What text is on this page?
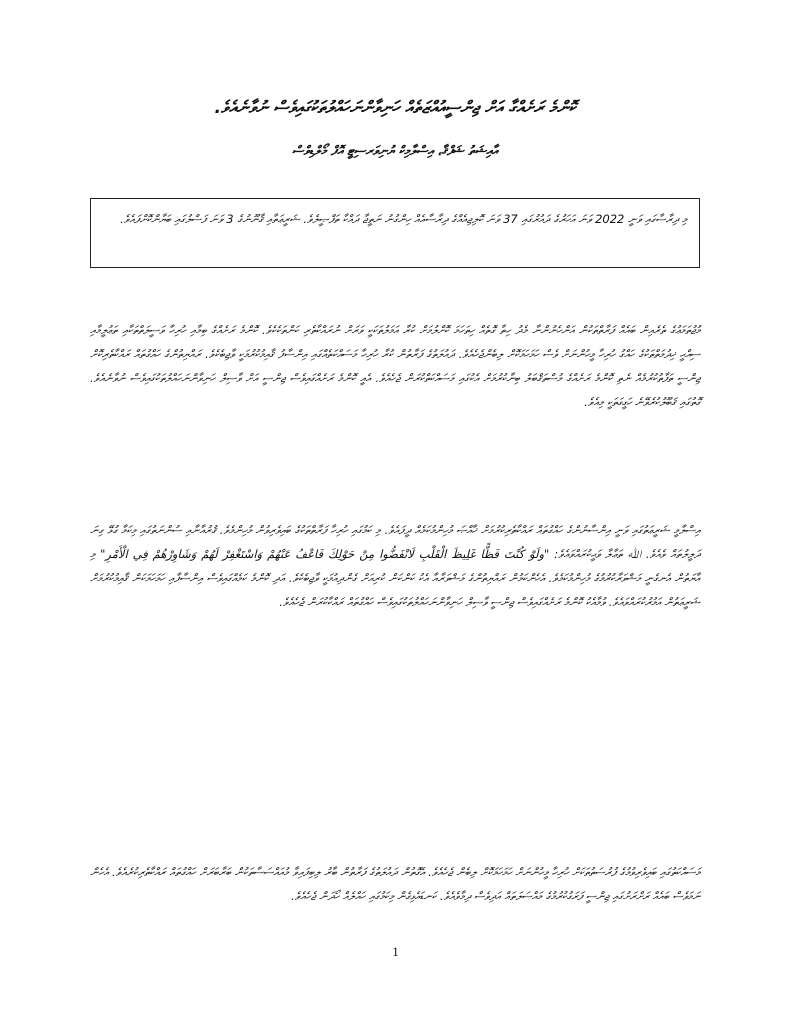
ކޮންމެ ރަށެއްގާ އަށް ޖިންސީއުއްޒަތެއް ހަނިވާންނަހައްލުތަކުގައިވެސް ނުވާނެއެވެ.
އާއިޝަތު ޝަފްޤާ، އިސްލާމިކް ޔުނިވަރސިޓީ އޮފް މޯލްޑިވްސް
މި ދިރާސާގައި ވަނީ 2022 ވަނަ އަހަރުގެ ދައުރުގައި 37 ވަނަ ކޮލިޖިއެއްގެ ދިރާސާއެއް ހިންގުނު ނަތީޖާ ދައްކާ ތަފްޞީލެވެ. ޝަރީޢަތާއި ޤާނޫނުގެ 3 ވަނަ ފަސްލުގައި ބަޔާންކޮށްފައެވެ.
މުޖުތަމަޢުގެ ތެރެއިން ބައެއް ފަރާތްތަކުން އަންހެނުންނާ މެދު ހިތާ ގޮތެއް ހިތަހަމަ ކޮށްލުމަށް ކުރާ އަމަލުތަކަކީ ވަރަށް ނުރައްކާތެރި ކަންތަކެކެވެ. ކޮންމެ ރަށެއްގެ ބިމާއި ހުރިހާ ވަސީލަތްތަކާއި ތަޢުލީމާއި ސިއްޙީ ޚިދުމަތްތަކުގެ ހައްގު ހުރިހާ މީހުންނަށް ވެސް ހަމަހަމަކޮށް ލިބެންޖެހެއެވެ. ދައުލަތުގެ ފަރާތުން ކުރާ ހުރިހާ މަސައްކަތެއްގައި އިންސާފު ޤާއިމުކުރުމަކީ ވާޖިބެކެވެ. ރައްޔިތުންގެ ހައްގުތައް ރައްކާތެރިކޮށް ޖިންސީ ތަފާތުކުރުމެއް ނެތި ކޮންމެ ރަށެއްގެ މުސްތަޤްބަލު ބިނާކުރުމަށް އެކުގައި މަސައްކަތްކުރަން ޖެހެއެވެ. އެއީ ކޮންމެ ރަށެއްގައިވެސް ޖިންސީ އަށް ވާސިލް ހަނިވާންނަހައްލުތަކުގައިވެސް ނުވާނެއެވެ. ގޮތުގައި ޤަބޫލުކުރެވޭނެ ހަގީގަތަކީ މިއެވެ.
އިސްލާމީ ޝަރީޢަތުގައި ވަނީ އިންސާނުންގެ ހައްގުތައް ރައްކާތެރިކުރުމަށް ޚާއްޞަ މުހިންމުކަމެއް ދީފައެވެ. މި ކަމުގައި ހުރިހާ ފަރާތްތަކުގެ ބައިވެރިވުން މުހިންމެވެ. ޤުރުއާނާއި ސުންނަތުގައި މިކަމާ ގުޅޭ ގިނަ ދަލީލުތައް ވެއެވެ. ﷲ ތަޢާލާ ވަޙީކުރައްވައެވެ: "ولَوْ كُنْتَ فَظًّا غَلِيظَ الْقَلْبِ لَانْفَضُّوا مِنْ حَوْلِكَ فَاعْفُ عَنْهُمْ وَاسْتَغْفِرْ لَهُمْ وَشَاوِرْهُمْ فِي الْأَمْرِ" މި އާޔަތުން އެނގެނީ މަޝްވަރާކުރުމުގެ މުހިންމުކަމެވެ. އެހެންކަމުން ރައްޔިތުންގެ މަޝްވަރާއާ އެކު ކަންކަން ކުރިއަށް ގެންދިއުމަކީ ވާޖިބެކެވެ. އަދި ކޮންމެ ކަމެއްގައިވެސް އިންސާފާއި ހަމަހަމަކަން ޤާއިމުކުރުމަށް ޝަރީޢަތުން އަމުރުކުރައްވައެވެ. ވުމާއެކު ކޮންމެ ރަށެއްގައިވެސް ޖިންސީ ވާސިލް ހަނިވާންނަހައްލުތަކުގައިވެސް ހައްގުތައް ރައްކާކުރަން ޖެހެއެވެ.
މަސައްކަތުގައި ބައިވެރިވުމުގެ ފުރުސަތުތަކަށް ހުރިހާ މީހުންނަށް ހަމަހަމަކޮށް ލިބެން ޖެހެއެވެ. އެގޮތުން ދައުލަތުގެ ފަރާތުން ބާރު ލިބިފައިވާ މުއައްސަސާތަކުން ބަރާބަރަށް ހައްގުތައް ރައްކާތެރިކުރެއެވެ. އެހެން ނަމަވެސް ބައެއް ރަށްރަށުގައި ޖިންސީ ފަރަގުކުރުމުގެ މައްސަލަތައް އަދިވެސް ދިމާވެއެވެ. ކަނޑައެޅިގެން މިކަމުގައި ހައްލެއް ހޯދަން ޖެހެއެވެ.
1
